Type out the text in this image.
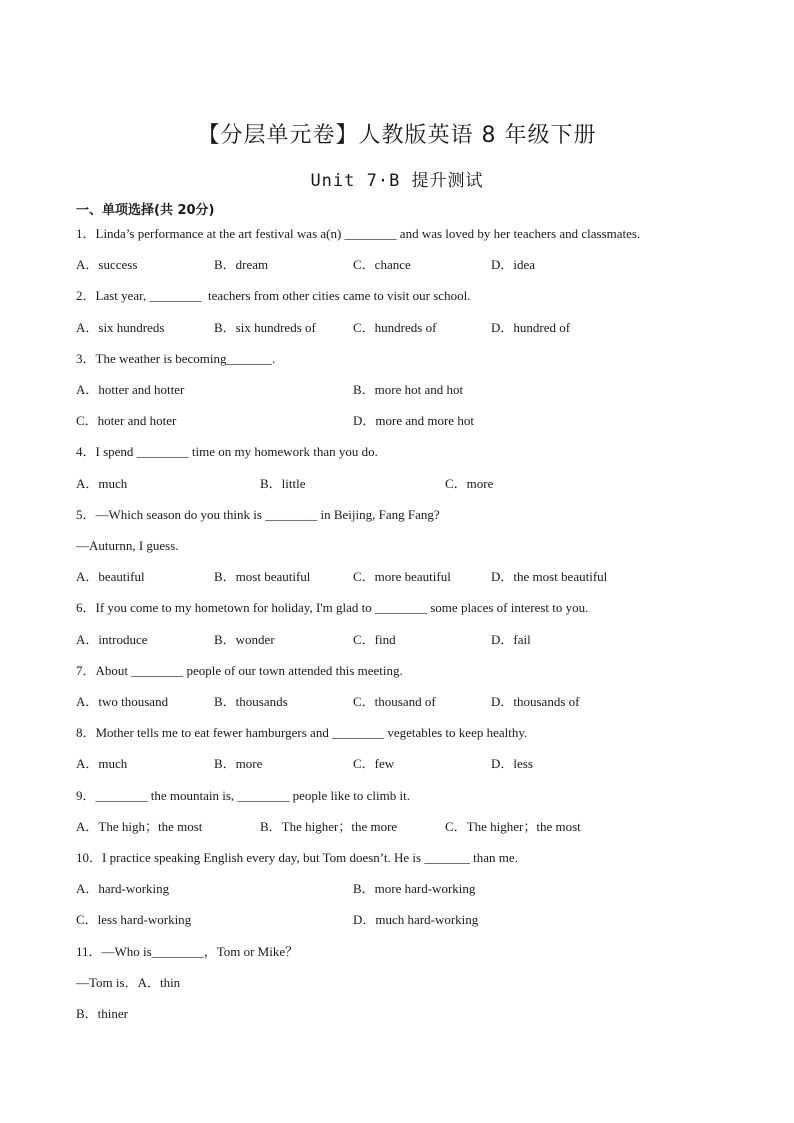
【分层单元卷】人教版英语 8 年级下册
Unit 7·B 提升测试
一、单项选择(共 20分)
1．Linda’s performance at the art festival was a(n) ________ and was loved by her teachers and classmates.
A．success	B．dream	C．chance	D．idea
2．Last year, ________  teachers from other cities came to visit our school.
A．six hundreds	B．six hundreds of	C．hundreds of	D．hundred of
3．The weather is becoming_______.
A．hotter and hotter	B．more hot and hot
C．hoter and hoter	D．more and more hot
4．I spend ________ time on my homework than you do.
A．much	B．little	C．more
5．—Which season do you think is ________ in Beijing, Fang Fang?
—Auturnn, I guess.
A．beautiful	B．most beautiful	C．more beautiful	D．the most beautiful
6．If you come to my hometown for holiday, I'm glad to ________ some places of interest to you.
A．introduce	B．wonder	C．find	D．fail
7．About ________ people of our town attended this meeting.
A．two thousand	B．thousands	C．thousand of	D．thousands of
8．Mother tells me to eat fewer hamburgers and ________ vegetables to keep healthy.
A．much	B．more	C．few	D．less
9．________ the mountain is, ________ people like to climb it.
A．The high；the most	B．The higher；the more	C．The higher；the most
10．I practice speaking English every day, but Tom doesn’t. He is _______ than me.
A．hard-working	B．more hard-working
C．less hard-working	D．much hard-working
11．—Who is________，Tom or Mike？
—Tom is．A．thin
B．thiner
